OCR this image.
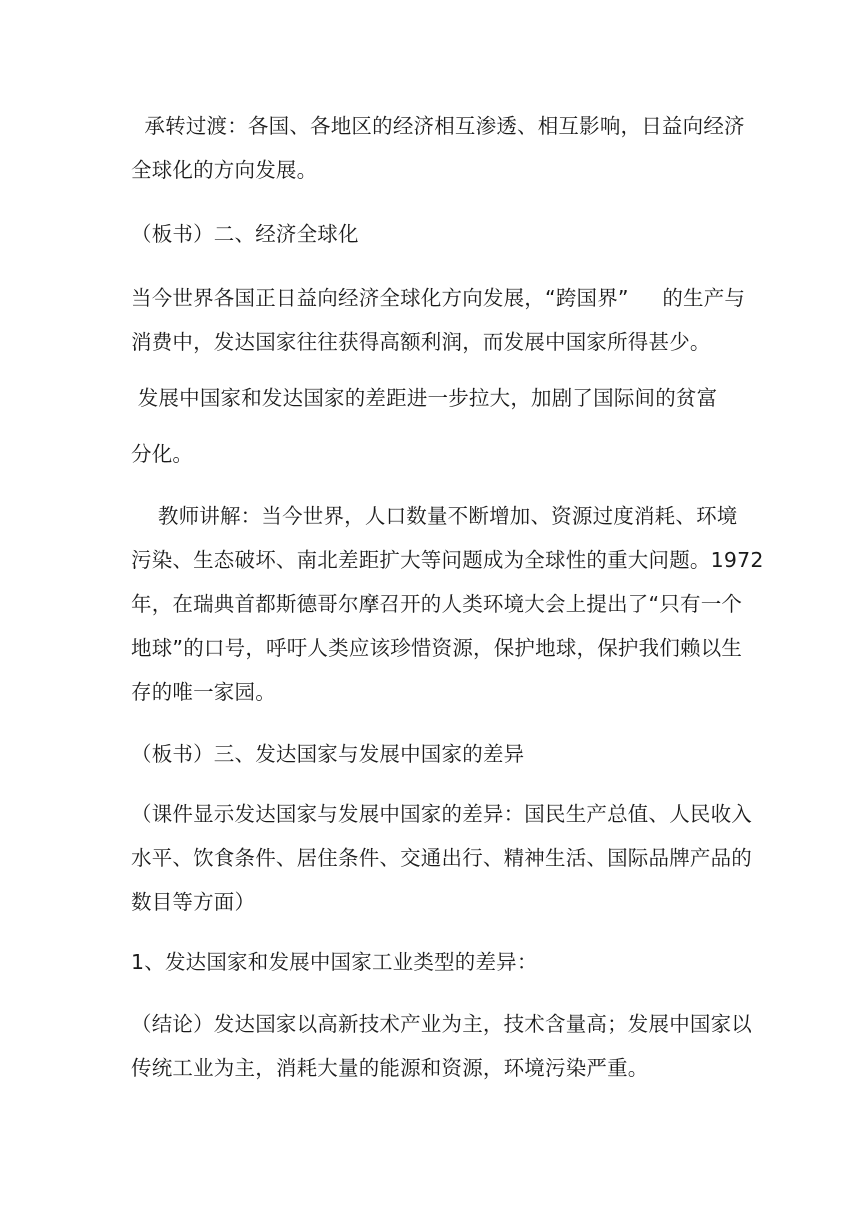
承转过渡：各国、各地区的经济相互渗透、相互影响，日益向经济
全球化的方向发展。

（板书）二、经济全球化

当今世界各国正日益向经济全球化方向发展，“跨国界”     的生产与
消费中，发达国家往往获得高额利润，而发展中国家所得甚少。

发展中国家和发达国家的差距进一步拉大，加剧了国际间的贫富

分化。

教师讲解：当今世界，人口数量不断增加、资源过度消耗、环境
污染、生态破坏、南北差距扩大等问题成为全球性的重大问题。1972
年，在瑞典首都斯德哥尔摩召开的人类环境大会上提出了“只有一个
地球”的口号，呼吁人类应该珍惜资源，保护地球，保护我们赖以生
存的唯一家园。

（板书）三、发达国家与发展中国家的差异

（课件显示发达国家与发展中国家的差异：国民生产总值、人民收入
水平、饮食条件、居住条件、交通出行、精神生活、国际品牌产品的
数目等方面）

1、发达国家和发展中国家工业类型的差异：

（结论）发达国家以高新技术产业为主，技术含量高；发展中国家以
传统工业为主，消耗大量的能源和资源，环境污染严重。
